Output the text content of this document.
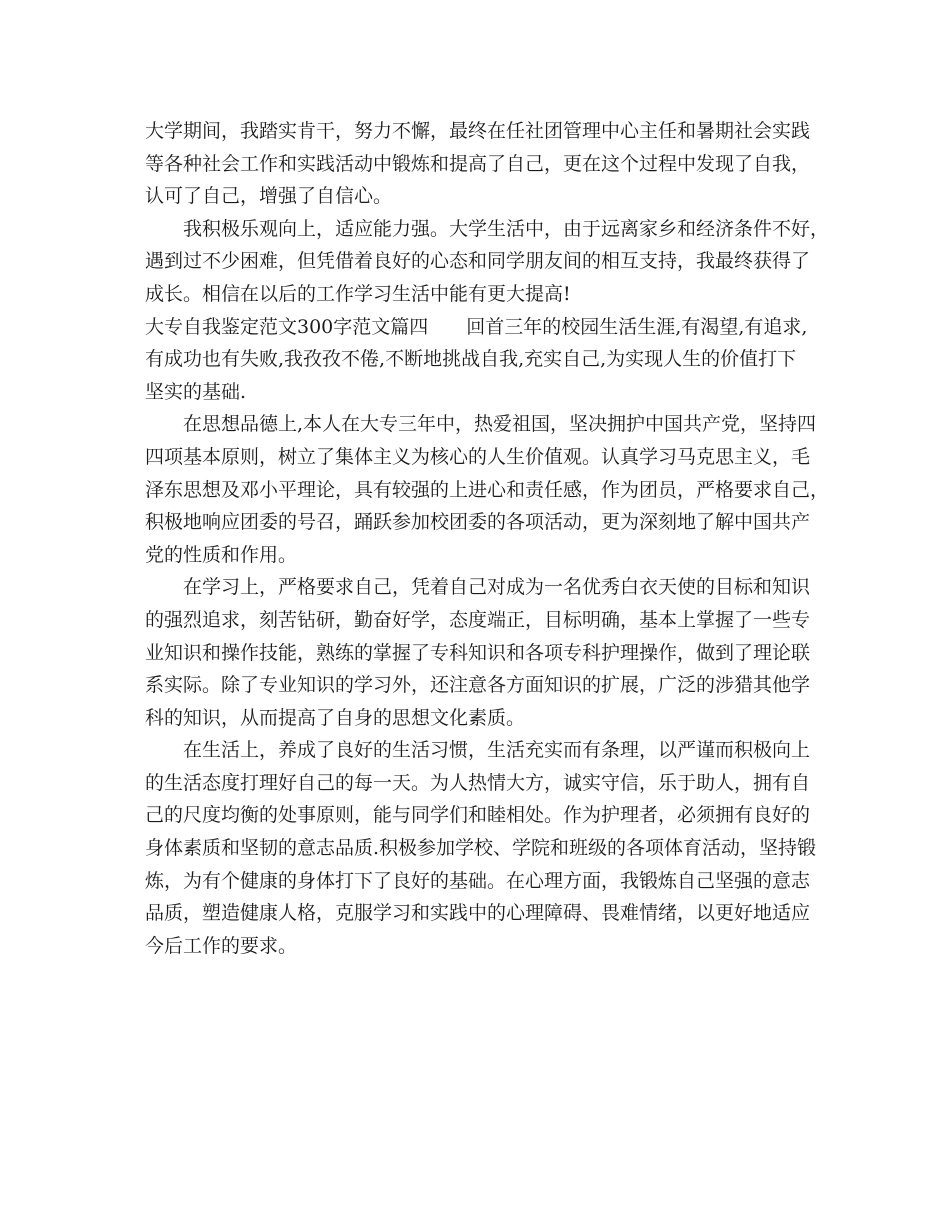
大学期间，我踏实肯干，努力不懈，最终在任社团管理中心主任和暑期社会实践
等各种社会工作和实践活动中锻炼和提高了自己，更在这个过程中发现了自我，
认可了自己，增强了自信心。
我积极乐观向上，适应能力强。大学生活中，由于远离家乡和经济条件不好，
遇到过不少困难，但凭借着良好的心态和同学朋友间的相互支持，我最终获得了
成长。相信在以后的工作学习生活中能有更大提高!
大专自我鉴定范文300字范文篇四 回首三年的校园生活生涯,有渴望,有追求,
有成功也有失败,我孜孜不倦,不断地挑战自我,充实自己,为实现人生的价值打下
坚实的基础.
在思想品德上,本人在大专三年中，热爱祖国，坚决拥护中国共产党，坚持四
四项基本原则，树立了集体主义为核心的人生价值观。认真学习马克思主义，毛
泽东思想及邓小平理论，具有较强的上进心和责任感，作为团员，严格要求自己，
积极地响应团委的号召，踊跃参加校团委的各项活动，更为深刻地了解中国共产
党的性质和作用。
在学习上，严格要求自己，凭着自己对成为一名优秀白衣天使的目标和知识
的强烈追求，刻苦钻研，勤奋好学，态度端正，目标明确，基本上掌握了一些专
业知识和操作技能，熟练的掌握了专科知识和各项专科护理操作，做到了理论联
系实际。除了专业知识的学习外，还注意各方面知识的扩展，广泛的涉猎其他学
科的知识，从而提高了自身的思想文化素质。
在生活上，养成了良好的生活习惯，生活充实而有条理，以严谨而积极向上
的生活态度打理好自己的每一天。为人热情大方，诚实守信，乐于助人，拥有自
己的尺度均衡的处事原则，能与同学们和睦相处。作为护理者，必须拥有良好的
身体素质和坚韧的意志品质.积极参加学校、学院和班级的各项体育活动，坚持锻
炼，为有个健康的身体打下了良好的基础。在心理方面，我锻炼自己坚强的意志
品质，塑造健康人格，克服学习和实践中的心理障碍、畏难情绪，以更好地适应
今后工作的要求。
